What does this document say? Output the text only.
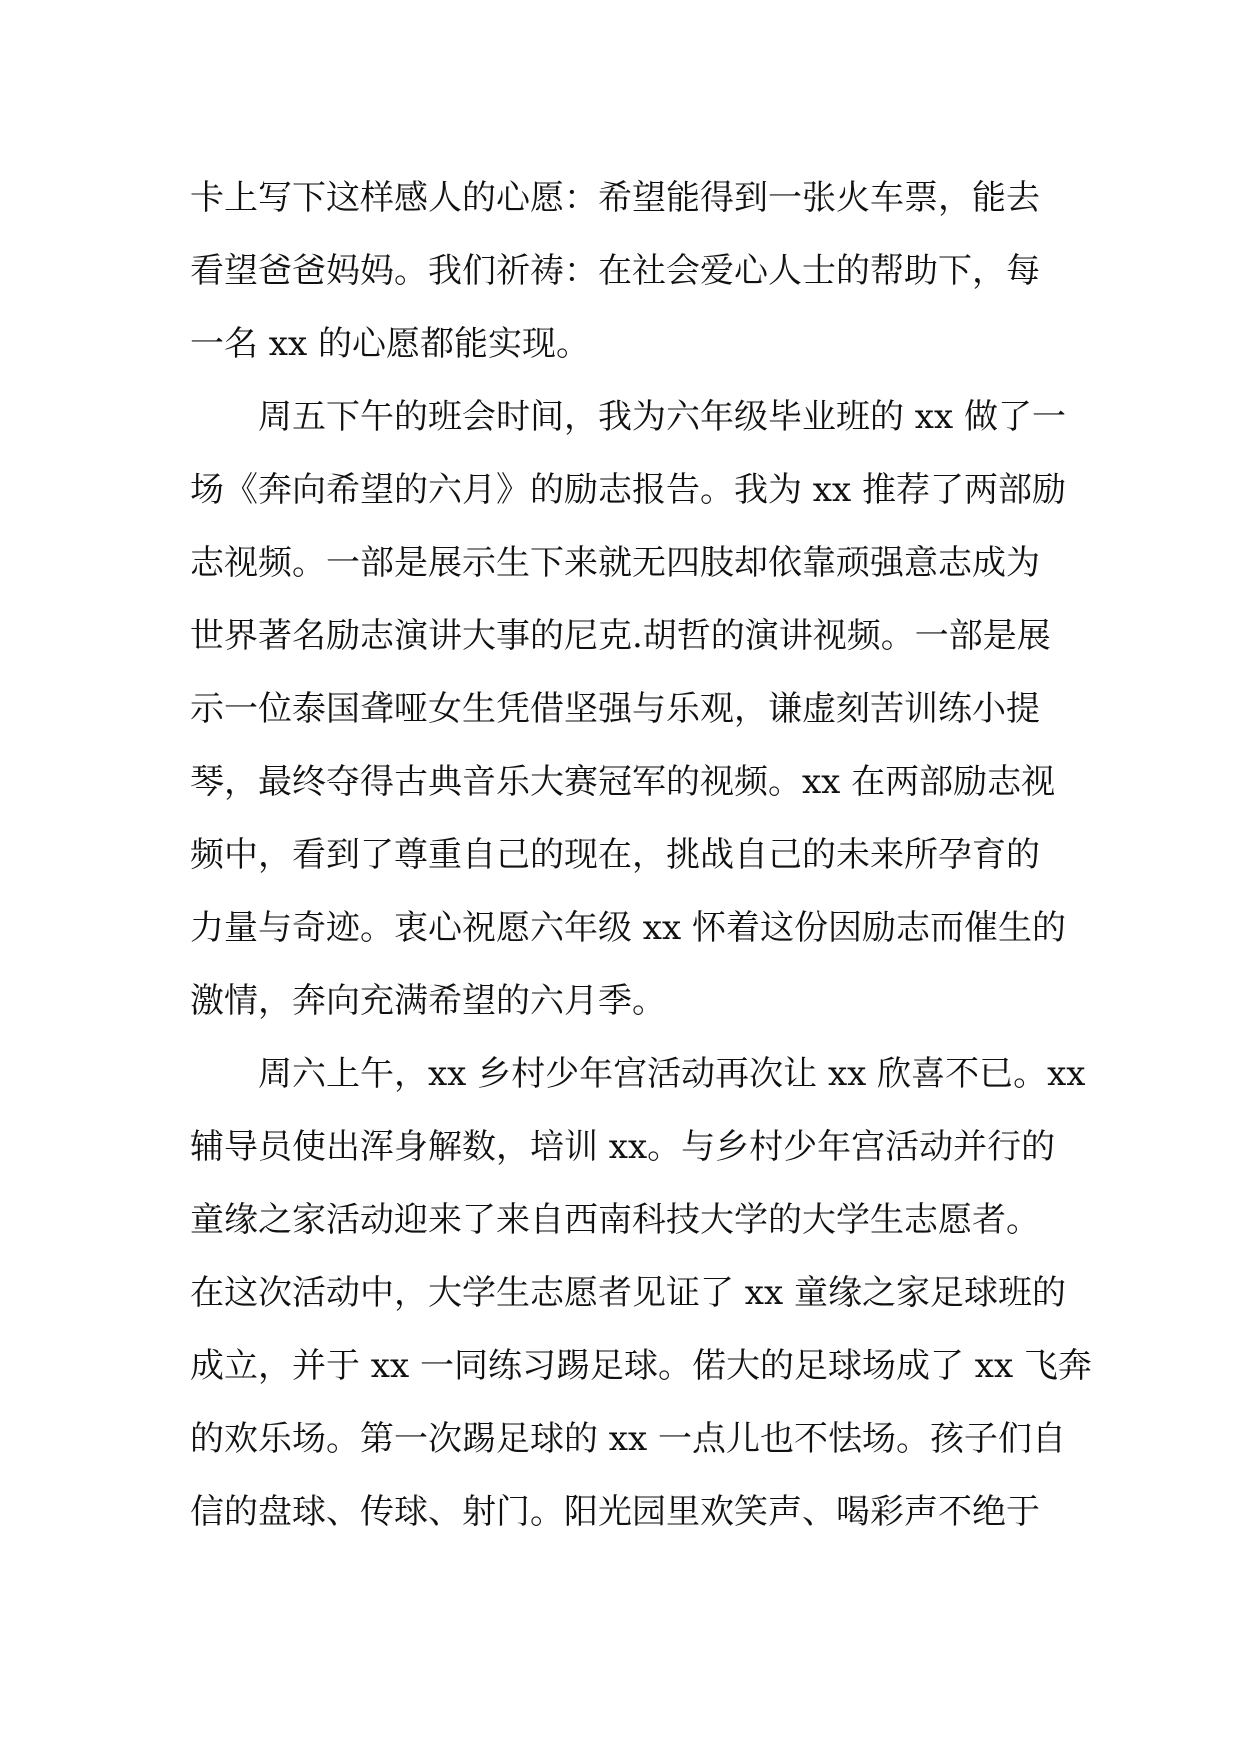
卡上写下这样感人的心愿：希望能得到一张火车票，能去
看望爸爸妈妈。我们祈祷：在社会爱心人士的帮助下，每
一名 xx 的心愿都能实现。
　　周五下午的班会时间，我为六年级毕业班的 xx 做了一
场《奔向希望的六月》的励志报告。我为 xx 推荐了两部励
志视频。一部是展示生下来就无四肢却依靠顽强意志成为
世界著名励志演讲大事的尼克.胡哲的演讲视频。一部是展
示一位泰国聋哑女生凭借坚强与乐观，谦虚刻苦训练小提
琴，最终夺得古典音乐大赛冠军的视频。xx 在两部励志视
频中，看到了尊重自己的现在，挑战自己的未来所孕育的
力量与奇迹。衷心祝愿六年级 xx 怀着这份因励志而催生的
激情，奔向充满希望的六月季。
　　周六上午，xx 乡村少年宫活动再次让 xx 欣喜不已。xx
辅导员使出浑身解数，培训 xx。与乡村少年宫活动并行的
童缘之家活动迎来了来自西南科技大学的大学生志愿者。
在这次活动中，大学生志愿者见证了 xx 童缘之家足球班的
成立，并于 xx 一同练习踢足球。偌大的足球场成了 xx 飞奔
的欢乐场。第一次踢足球的 xx 一点儿也不怯场。孩子们自
信的盘球、传球、射门。阳光园里欢笑声、喝彩声不绝于
